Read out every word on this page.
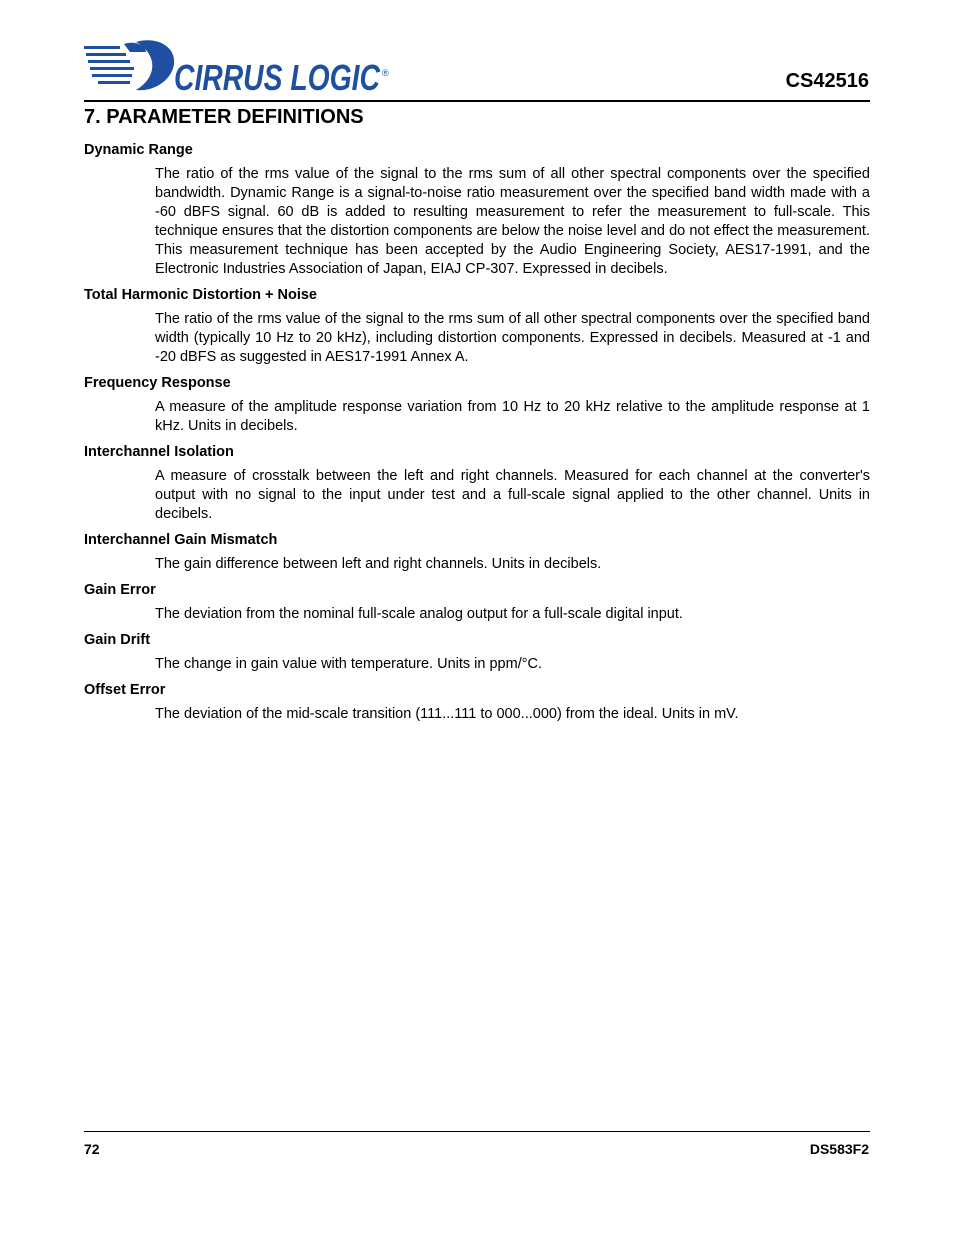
CIRRUS LOGIC ®	CS42516
7. PARAMETER DEFINITIONS

Dynamic Range

The ratio of the rms value of the signal to the rms sum of all other spectral components over the specified bandwidth. Dynamic Range is a signal-to-noise ratio measurement over the specified band width made with a -60 dBFS signal. 60 dB is added to resulting measurement to refer the measurement to full-scale. This technique ensures that the distortion components are below the noise level and do not effect the measurement. This measurement technique has been accepted by the Audio Engineering Society, AES17-1991, and the Electronic Industries Association of Japan, EIAJ CP-307. Expressed in decibels.

Total Harmonic Distortion + Noise

The ratio of the rms value of the signal to the rms sum of all other spectral components over the specified band width (typically 10 Hz to 20 kHz), including distortion components. Expressed in decibels. Measured at -1 and -20 dBFS as suggested in AES17-1991 Annex A.

Frequency Response

A measure of the amplitude response variation from 10 Hz to 20 kHz relative to the amplitude response at 1 kHz. Units in decibels.

Interchannel Isolation

A measure of crosstalk between the left and right channels. Measured for each channel at the converter's output with no signal to the input under test and a full-scale signal applied to the other channel. Units in decibels.

Interchannel Gain Mismatch

The gain difference between left and right channels. Units in decibels.

Gain Error

The deviation from the nominal full-scale analog output for a full-scale digital input.

Gain Drift

The change in gain value with temperature. Units in ppm/°C.

Offset Error

The deviation of the mid-scale transition (111...111 to 000...000) from the ideal. Units in mV.

72	DS583F2
